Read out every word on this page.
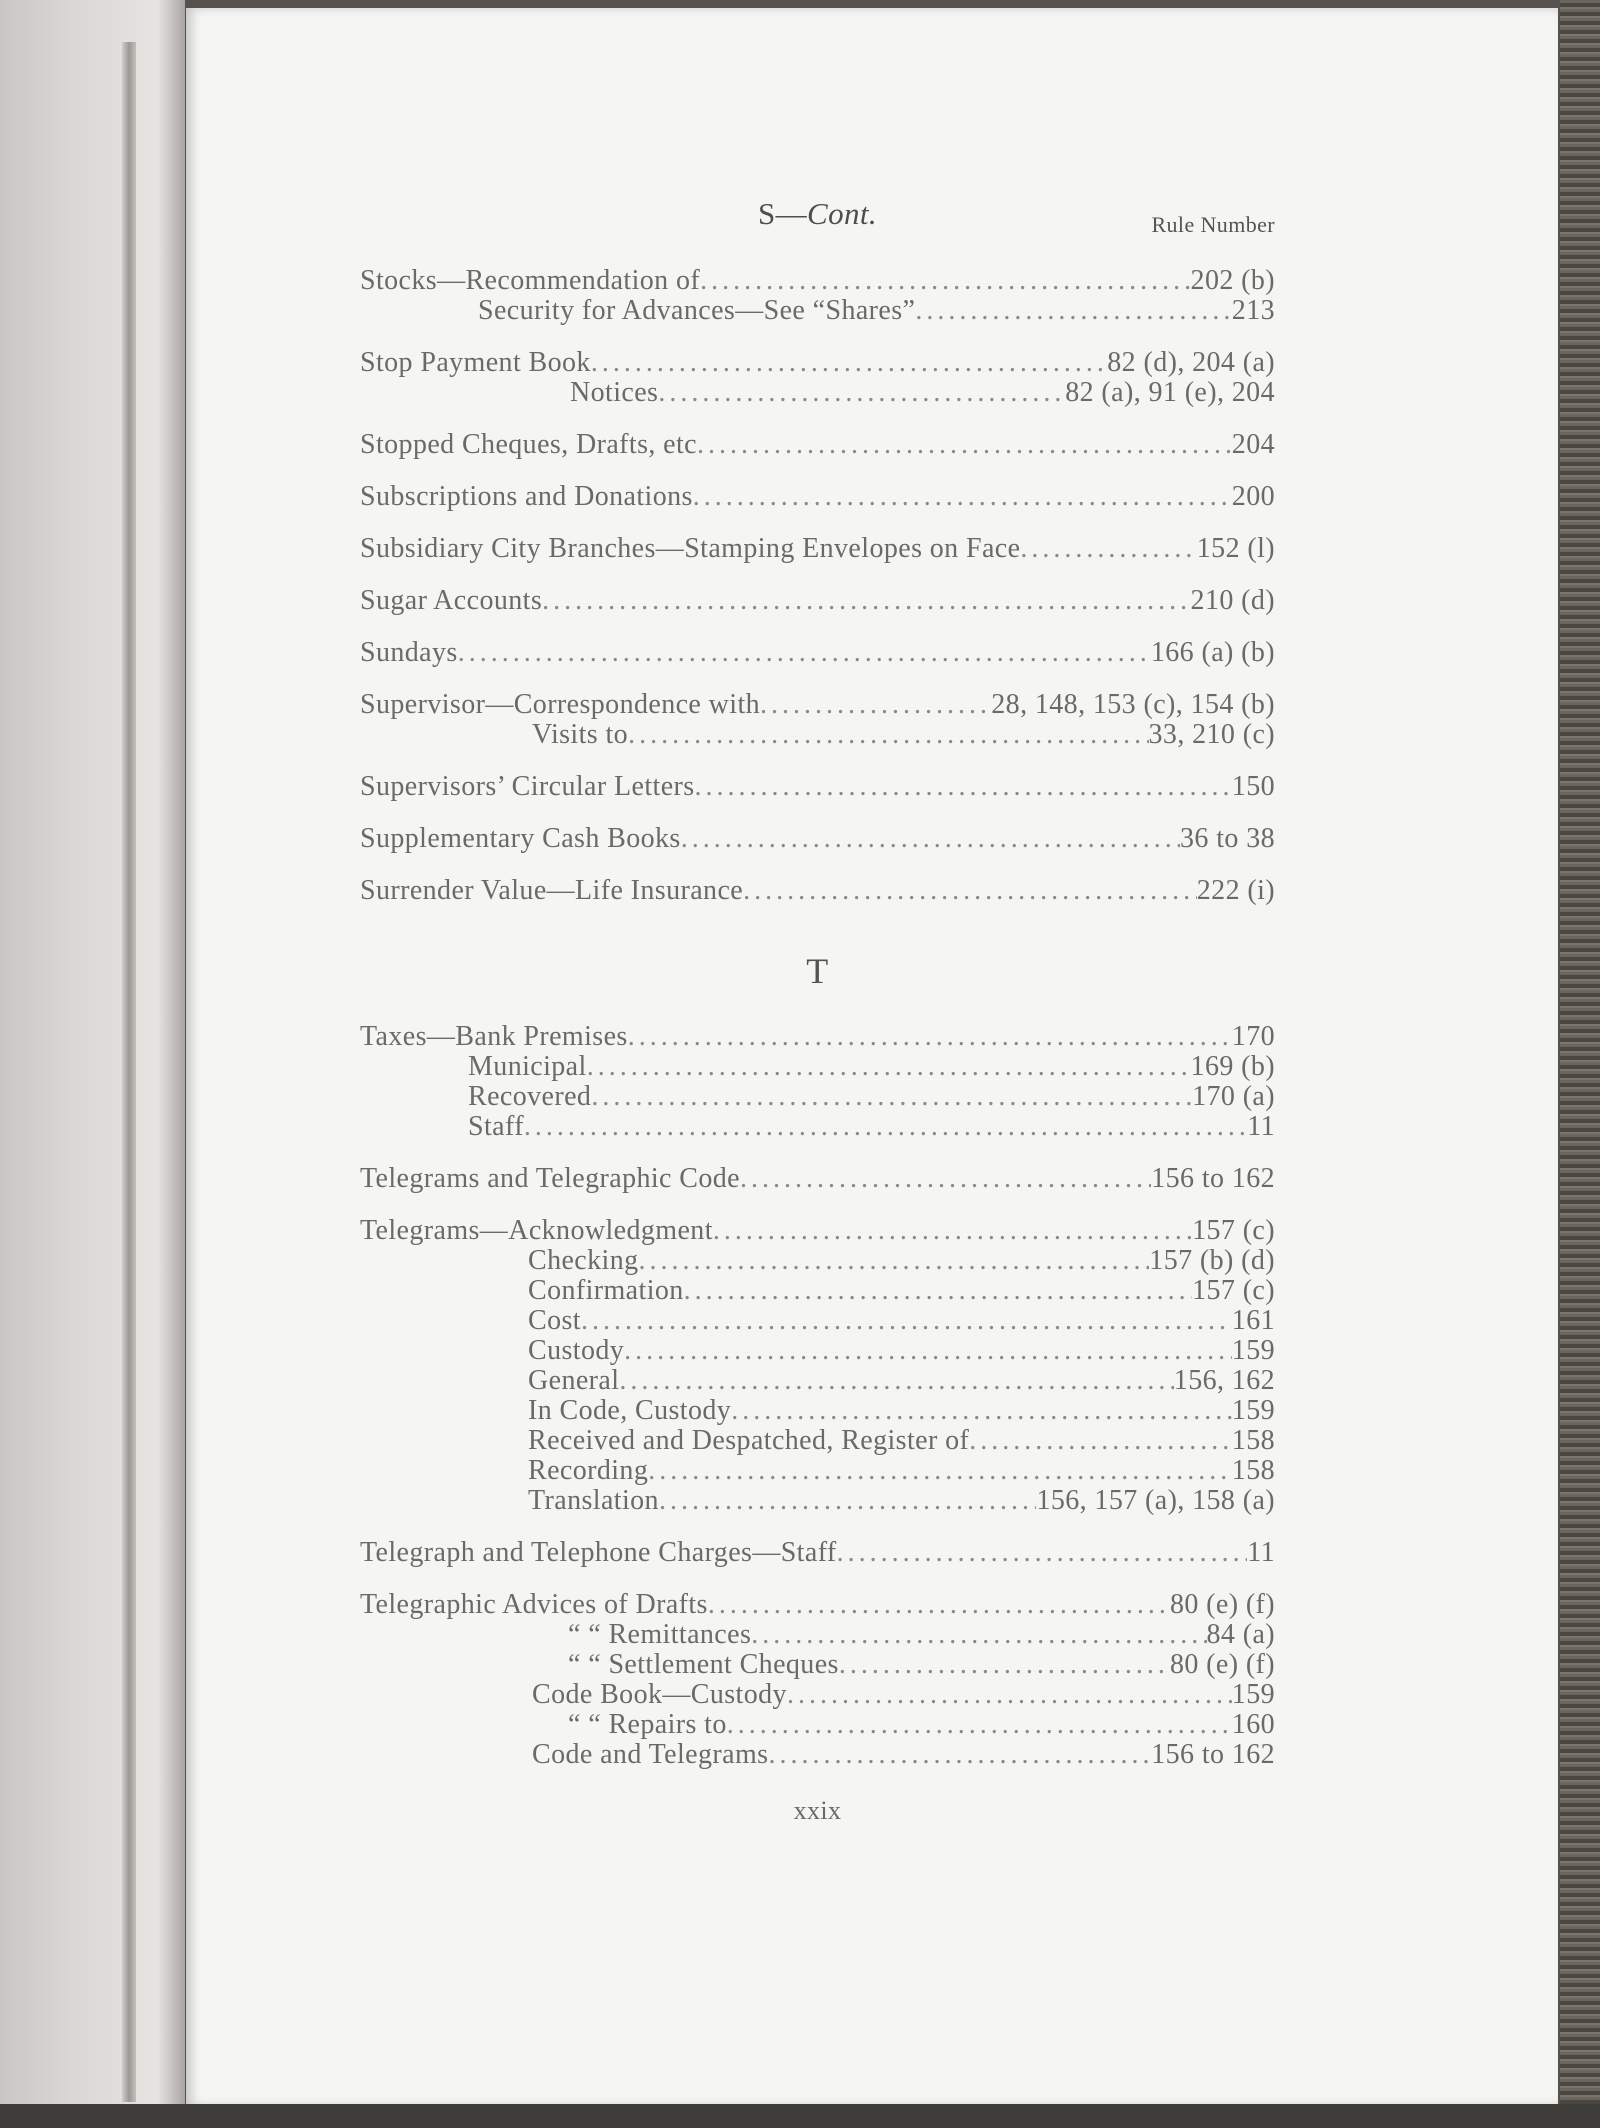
S—Cont.	Rule Number
Stocks—Recommendation of .....	202 (b)
Security for Advances—See “Shares” .....	213
Stop Payment Book .....	82 (d), 204 (a)
Notices .....	82 (a), 91 (e), 204
Stopped Cheques, Drafts, etc .....	204
Subscriptions and Donations .....	200
Subsidiary City Branches—Stamping Envelopes on Face .....	152 (l)
Sugar Accounts .....	210 (d)
Sundays .....	166 (a) (b)
Supervisor—Correspondence with .....	28, 148, 153 (c), 154 (b)
Visits to .....	33, 210 (c)
Supervisors’ Circular Letters .....	150
Supplementary Cash Books .....	36 to 38
Surrender Value—Life Insurance .....	222 (i)
T
Taxes—Bank Premises .....	170
Municipal .....	169 (b)
Recovered .....	170 (a)
Staff .....	11
Telegrams and Telegraphic Code .....	156 to 162
Telegrams—Acknowledgment .....	157 (c)
Checking .....	157 (b) (d)
Confirmation .....	157 (c)
Cost .....	161
Custody .....	159
General .....	156, 162
In Code, Custody .....	159
Received and Despatched, Register of .....	158
Recording .....	158
Translation .....	156, 157 (a), 158 (a)
Telegraph and Telephone Charges—Staff .....	11
Telegraphic Advices of Drafts .....	80 (e) (f)
“ “ Remittances .....	84 (a)
“ “ Settlement Cheques .....	80 (e) (f)
Code Book—Custody .....	159
“ “ Repairs to .....	160
Code and Telegrams .....	156 to 162
xxix
